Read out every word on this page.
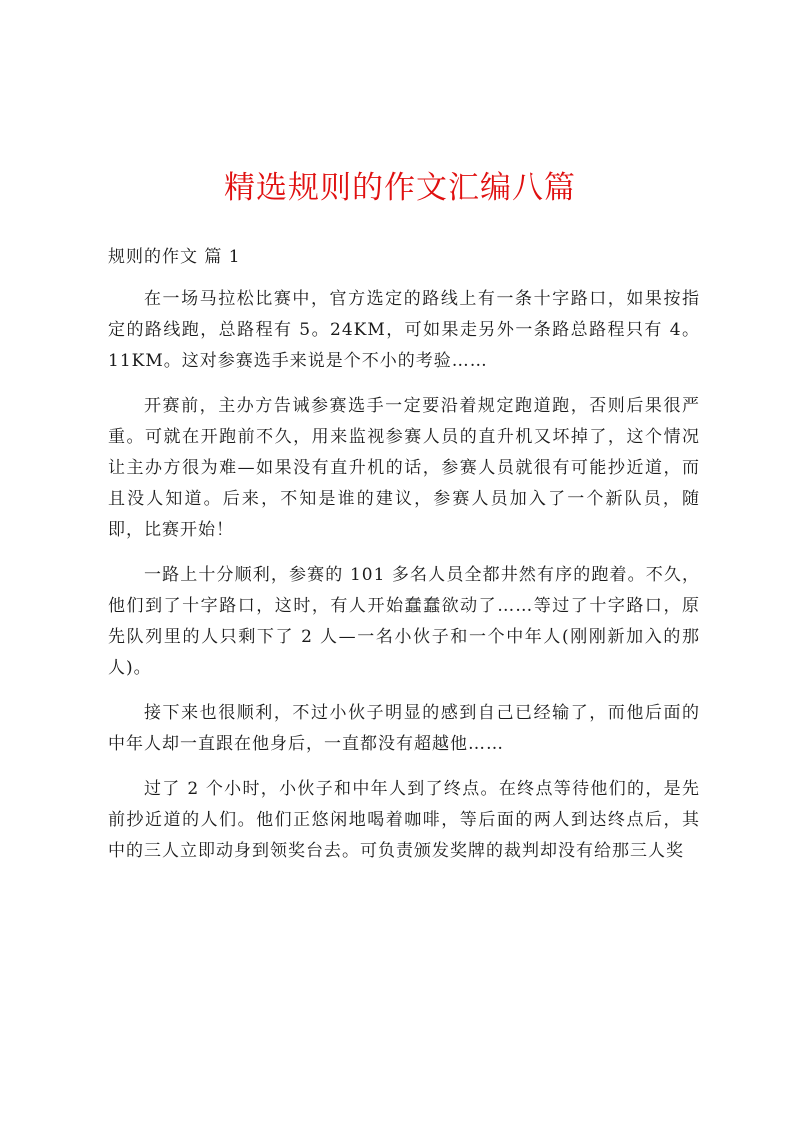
精选规则的作文汇编八篇
规则的作文 篇 1

在一场马拉松比赛中，官方选定的路线上有一条十字路口，如果按指定的路线跑，总路程有 5。24KM，可如果走另外一条路总路程只有 4。11KM。这对参赛选手来说是个不小的考验……

开赛前，主办方告诫参赛选手一定要沿着规定跑道跑，否则后果很严重。可就在开跑前不久，用来监视参赛人员的直升机又坏掉了，这个情况让主办方很为难—如果没有直升机的话，参赛人员就很有可能抄近道，而且没人知道。后来，不知是谁的建议，参赛人员加入了一个新队员，随即，比赛开始！

一路上十分顺利，参赛的 101 多名人员全都井然有序的跑着。不久，他们到了十字路口，这时，有人开始蠢蠢欲动了……等过了十字路口，原先队列里的人只剩下了 2 人—一名小伙子和一个中年人(刚刚新加入的那人)。

接下来也很顺利，不过小伙子明显的感到自己已经输了，而他后面的中年人却一直跟在他身后，一直都没有超越他……

过了 2 个小时，小伙子和中年人到了终点。在终点等待他们的，是先前抄近道的人们。他们正悠闲地喝着咖啡，等后面的两人到达终点后，其中的三人立即动身到领奖台去。可负责颁发奖牌的裁判却没有给那三人奖
